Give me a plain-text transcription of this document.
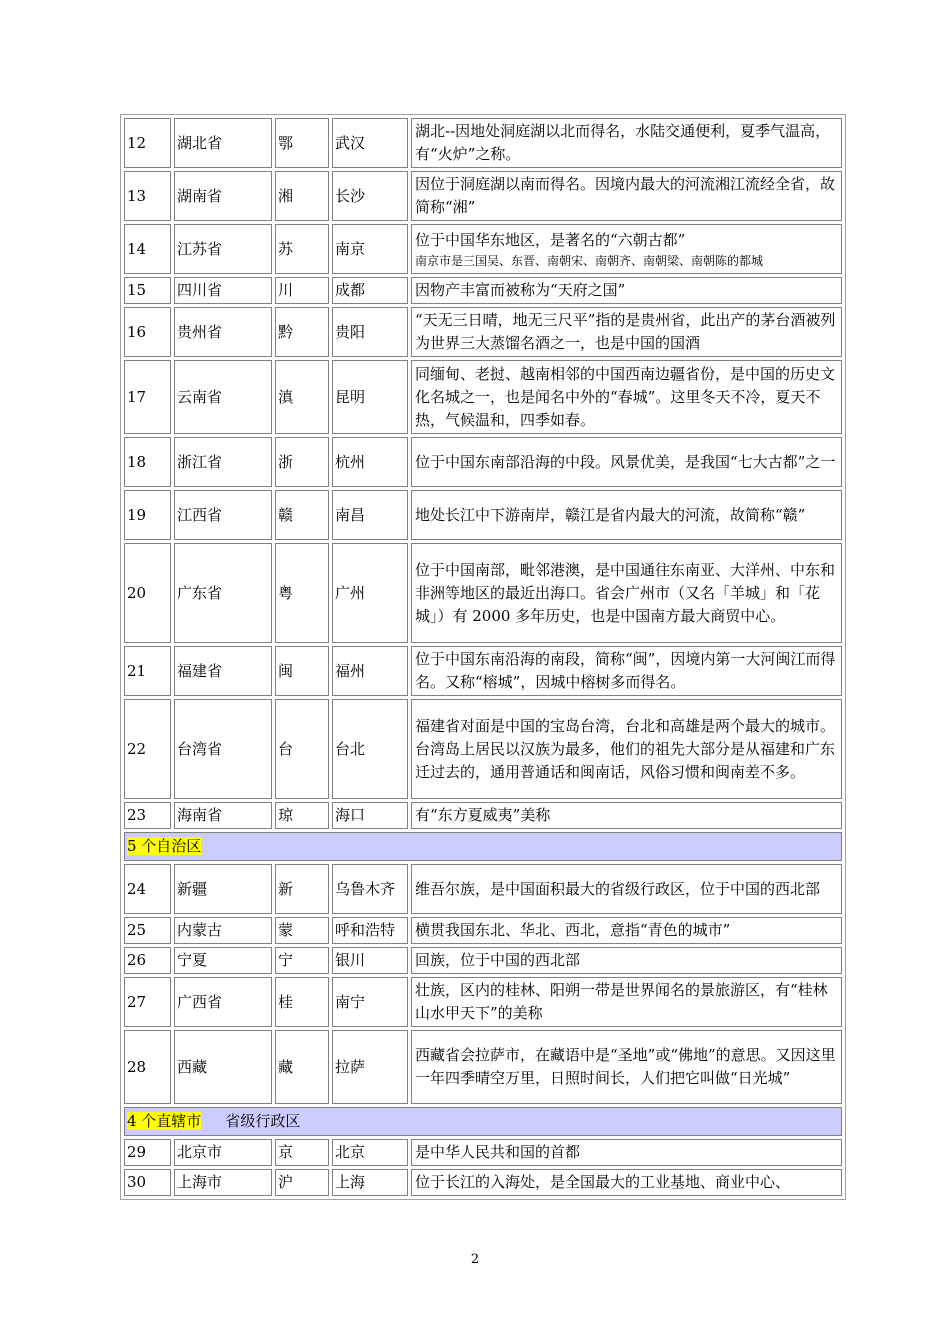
12	湖北省	鄂	武汉	湖北--因地处洞庭湖以北而得名，水陆交通便利，夏季气温高，有“火炉”之称。
13	湖南省	湘	长沙	因位于洞庭湖以南而得名。因境内最大的河流湘江流经全省，故简称“湘”
14	江苏省	苏	南京	位于中国华东地区，是著名的“六朝古都”
南京市是三国吴、东晋、南朝宋、南朝齐、南朝梁、南朝陈的都城

15	四川省	川	成都	因物产丰富而被称为“天府之国”
16	贵州省	黔	贵阳	“天无三日晴，地无三尺平”指的是贵州省，此出产的茅台酒被列为世界三大蒸馏名酒之一，也是中国的国酒
17	云南省	滇	昆明	同缅甸、老挝、越南相邻的中国西南边疆省份，是中国的历史文化名城之一，也是闻名中外的“春城”。这里冬天不冷，夏天不热，气候温和，四季如春。
18	浙江省	浙	杭州	位于中国东南部沿海的中段。风景优美，是我国“七大古都”之一
19	江西省	赣	南昌	地处长江中下游南岸，赣江是省内最大的河流，故简称“赣”
20	广东省	粤	广州	位于中国南部，毗邻港澳，是中国通往东南亚、大洋州、中东和非洲等地区的最近出海口。省会广州市（又名「羊城」和「花城」）有 2000 多年历史，也是中国南方最大商贸中心。
21	福建省	闽	福州	位于中国东南沿海的南段，简称“闽”，因境内第一大河闽江而得名。又称“榕城”，因城中榕树多而得名。
22	台湾省	台	台北	福建省对面是中国的宝岛台湾，台北和高雄是两个最大的城市。台湾岛上居民以汉族为最多，他们的祖先大部分是从福建和广东迁过去的，通用普通话和闽南话，风俗习惯和闽南差不多。
23	海南省	琼	海口	有“东方夏威夷”美称
5 个自治区				
24	新疆	新	乌鲁木齐	维吾尔族，是中国面积最大的省级行政区，位于中国的西北部
25	内蒙古	蒙	呼和浩特	横贯我国东北、华北、西北，意指“青色的城市”
26	宁夏	宁	银川	回族，位于中国的西北部
27	广西省	桂	南宁	壮族，区内的桂林、阳朔一带是世界闻名的景旅游区，有“桂林山水甲天下”的美称
28	西藏	藏	拉萨	西藏省会拉萨市，在藏语中是“圣地”或“佛地”的意思。又因这里一年四季晴空万里，日照时间长，人们把它叫做“日光城”
4 个直辖市 省级行政区				
29	北京市	京	北京	是中华人民共和国的首都
30	上海市	沪	上海	位于长江的入海处，是全国最大的工业基地、商业中心、
2
